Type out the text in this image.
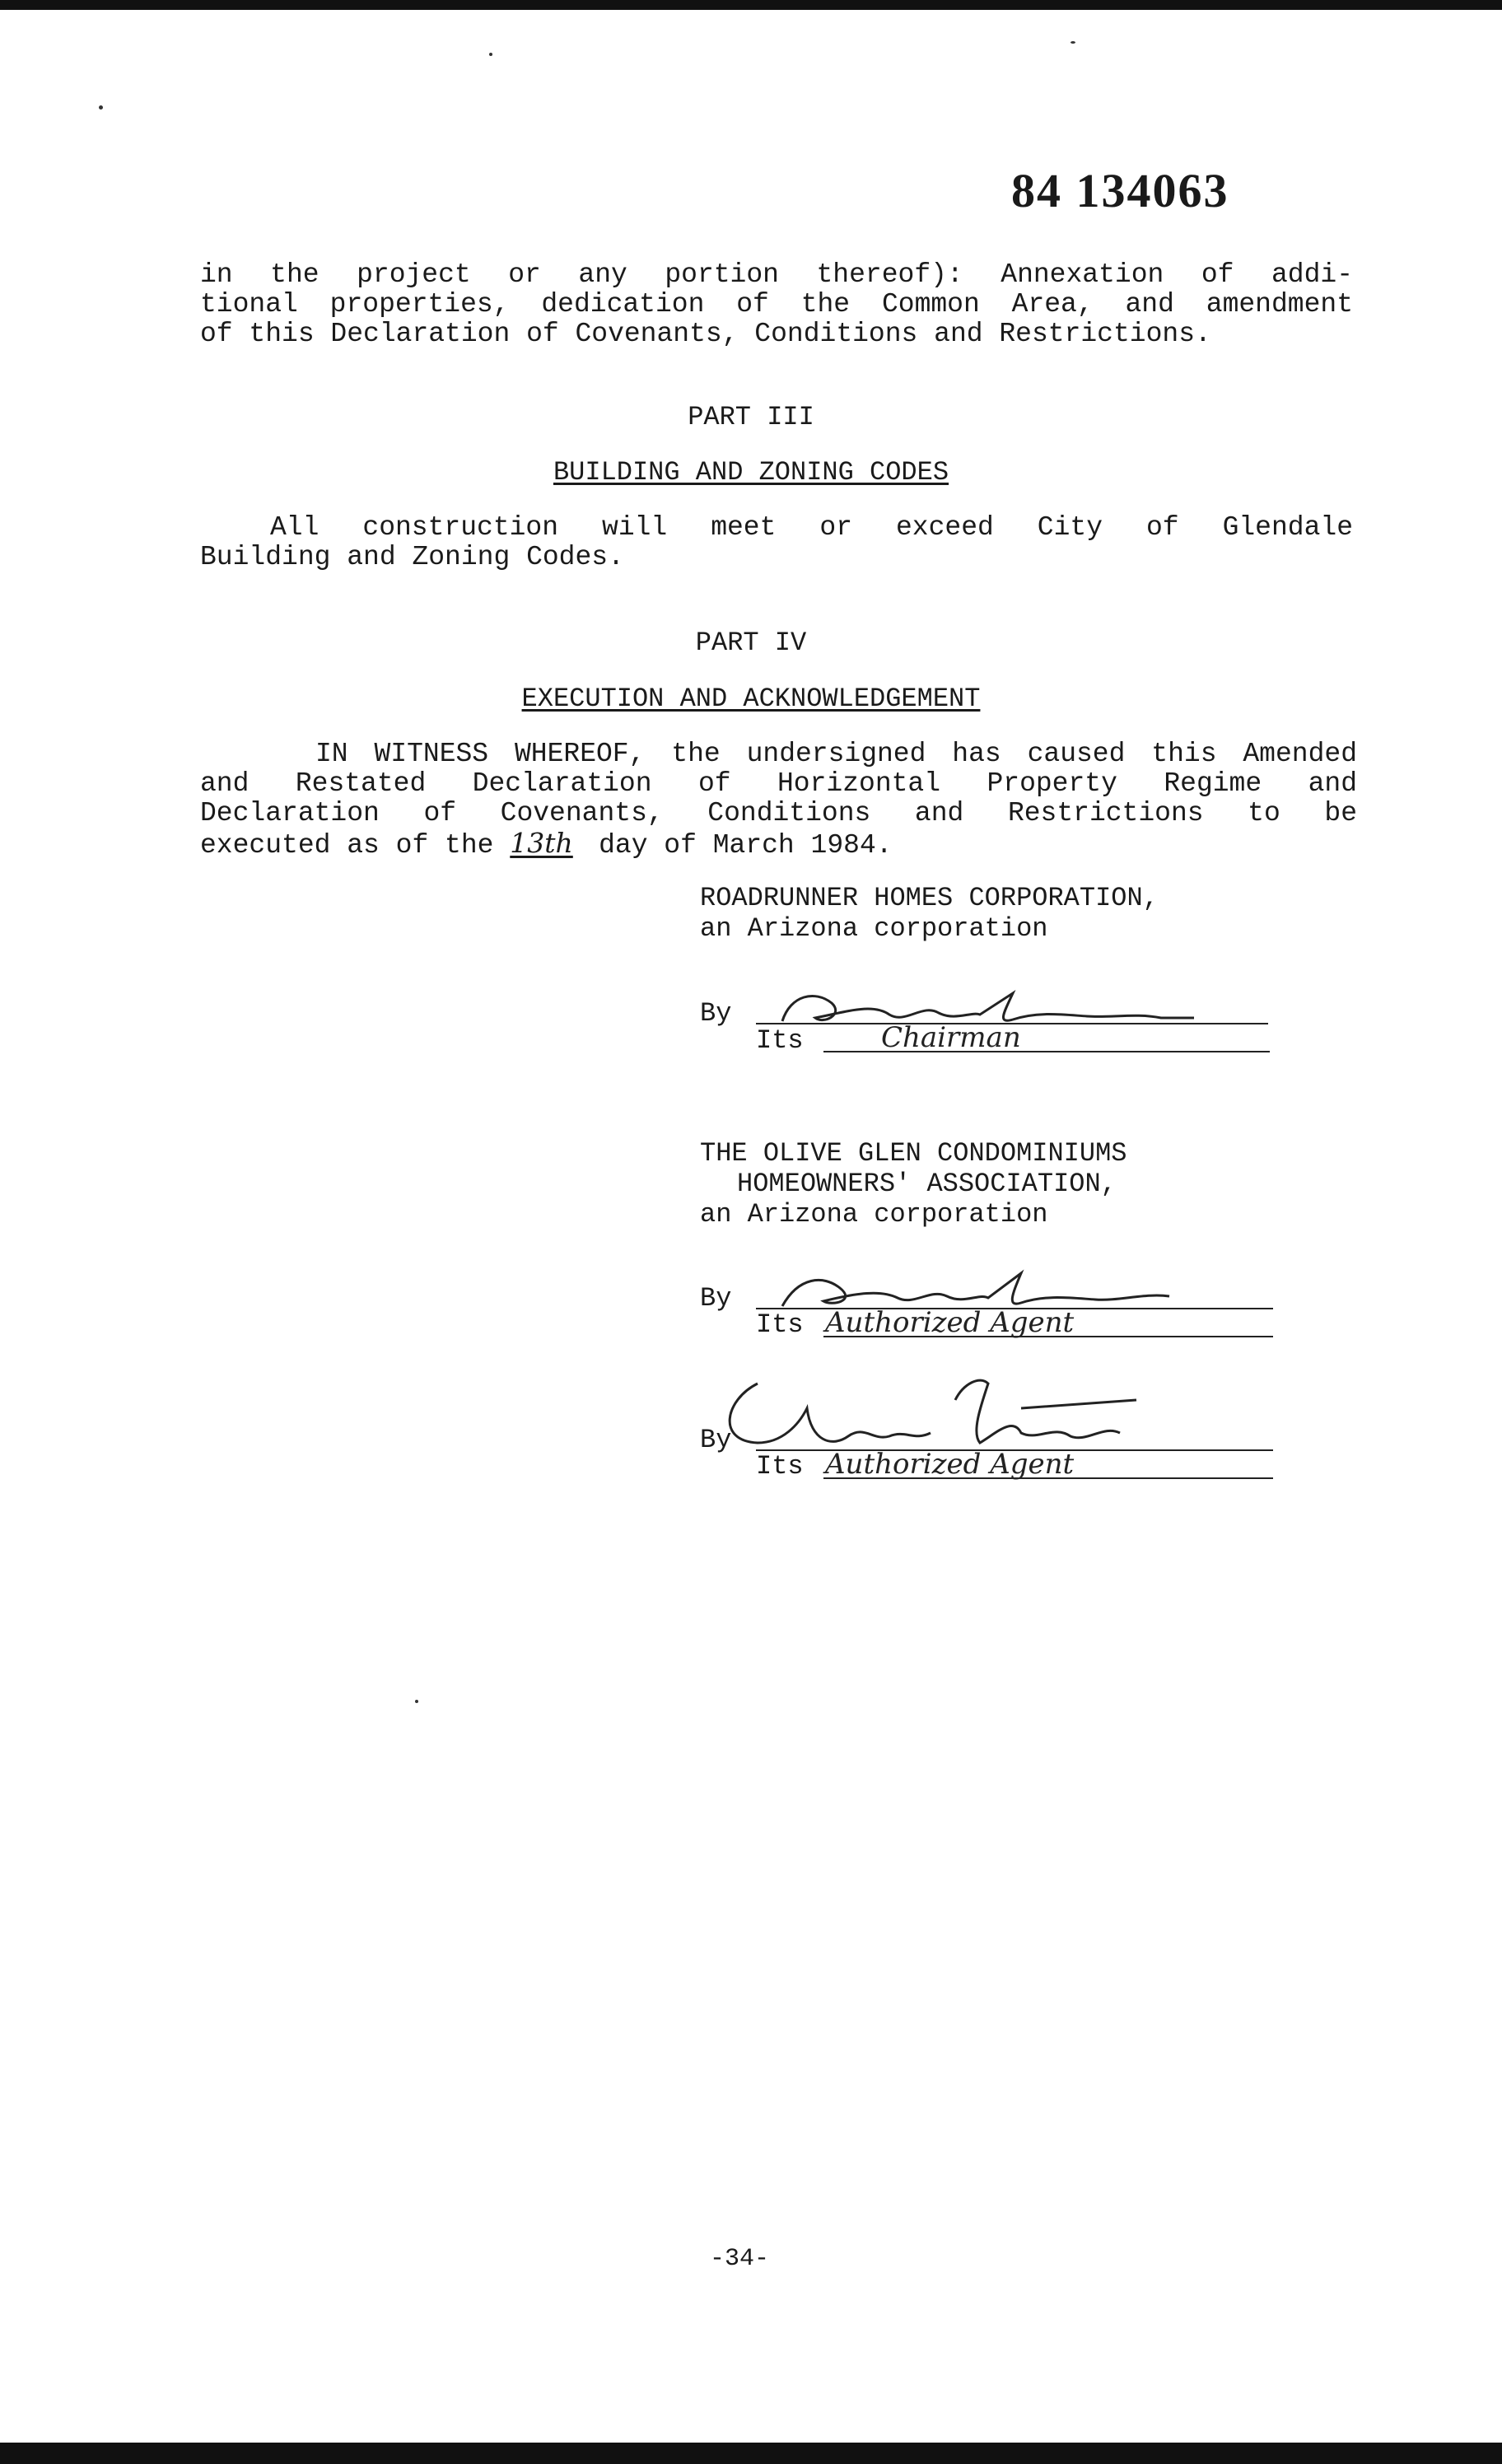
84 134063
in the project or any portion thereof): Annexation of addi-
tional properties, dedication of the Common Area, and amendment
of this Declaration of Covenants, Conditions and Restrictions.
PART III
BUILDING AND ZONING CODES
All construction will meet or exceed City of Glendale
Building and Zoning Codes.
PART IV
EXECUTION AND ACKNOWLEDGEMENT
IN WITNESS WHEREOF, the undersigned has caused this Amended
and Restated Declaration of Horizontal Property Regime and
Declaration of Covenants, Conditions and Restrictions to be
executed as of the 13th day of March 1984.
ROADRUNNER HOMES CORPORATION,
an Arizona corporation
By
Its	Chairman
THE OLIVE GLEN CONDOMINIUMS
HOMEOWNERS' ASSOCIATION,
an Arizona corporation
By
Its Authorized Agent
By
Its Authorized Agent
-34-
